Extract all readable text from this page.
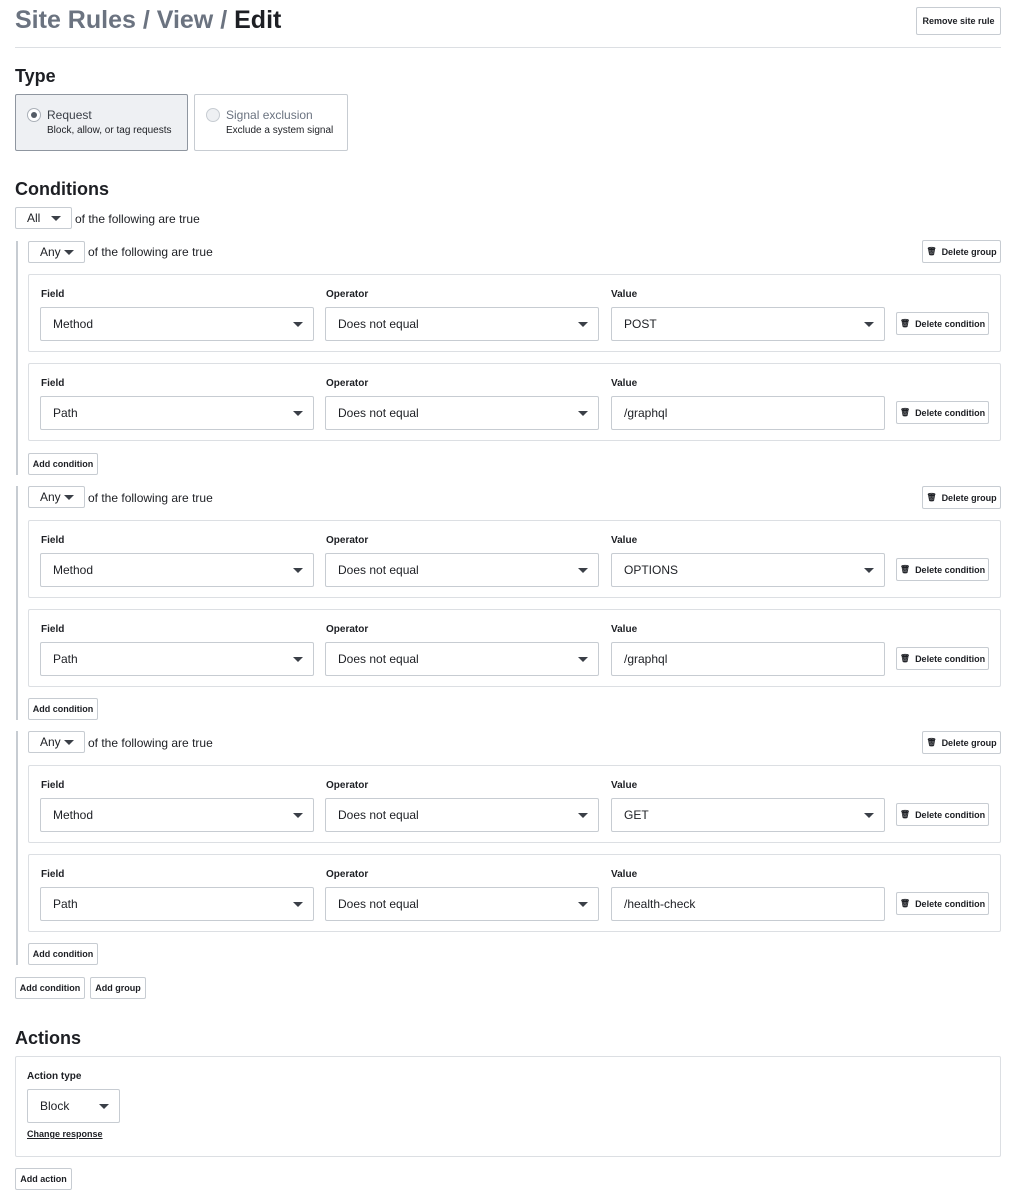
Site Rules / View / Edit	Remove site rule
Type
Request
Block, allow, or tag requests
Signal exclusion
Exclude a system signal
Conditions
All	of the following are true
Any of the following are true	🗑 Delete group
Field	Operator	Value
Method	Does not equal	POST	🗑 Delete condition
Field	Operator	Value
Path	Does not equal	/graphql	🗑 Delete condition
Add condition
Any of the following are true	🗑 Delete group
Field	Operator	Value
Method	Does not equal	OPTIONS	🗑 Delete condition
Field	Operator	Value
Path	Does not equal	/graphql	🗑 Delete condition
Add condition
Any of the following are true	🗑 Delete group
Field	Operator	Value
Method	Does not equal	GET	🗑 Delete condition
Field	Operator	Value
Path	Does not equal	/health-check	🗑 Delete condition
Add condition
Add condition	Add group
Actions
Action type
Block
Change response
Add action
